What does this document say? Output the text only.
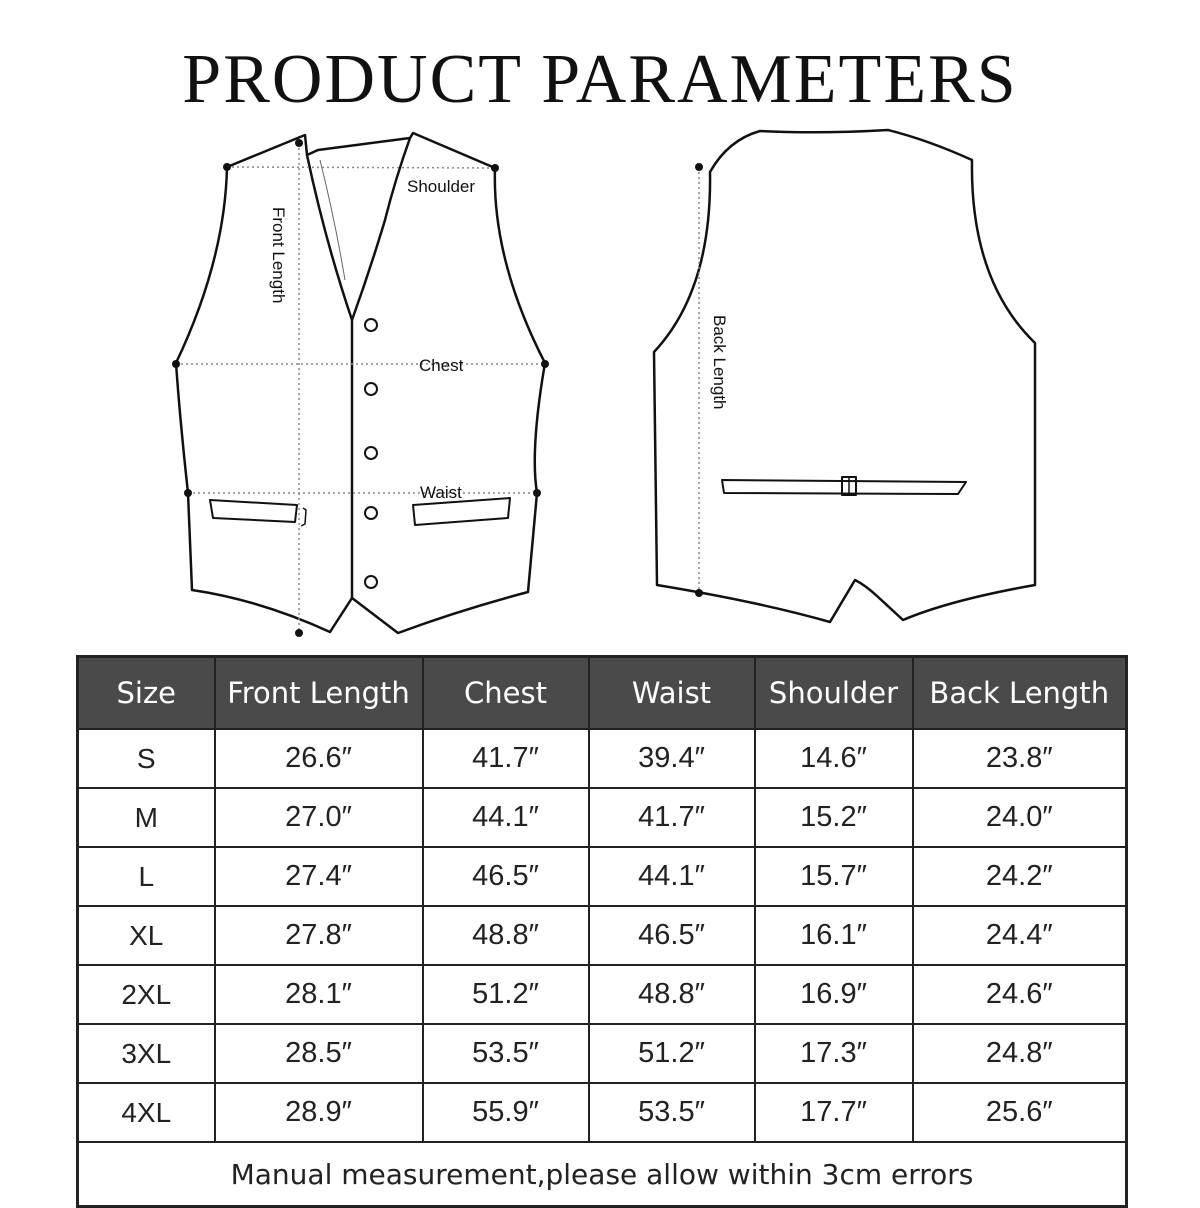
PRODUCT PARAMETERS
Shoulder
Chest
Waist
Front Length
Back Length
Size	Front Length	Chest	Waist	Shoulder	Back Length
S	26.6″	41.7″	39.4″	14.6″	23.8″
M	27.0″	44.1″	41.7″	15.2″	24.0″
L	27.4″	46.5″	44.1″	15.7″	24.2″
XL	27.8″	48.8″	46.5″	16.1″	24.4″
2XL	28.1″	51.2″	48.8″	16.9″	24.6″
3XL	28.5″	53.5″	51.2″	17.3″	24.8″
4XL	28.9″	55.9″	53.5″	17.7″	25.6″
Manual measurement,please allow within 3cm errors					
